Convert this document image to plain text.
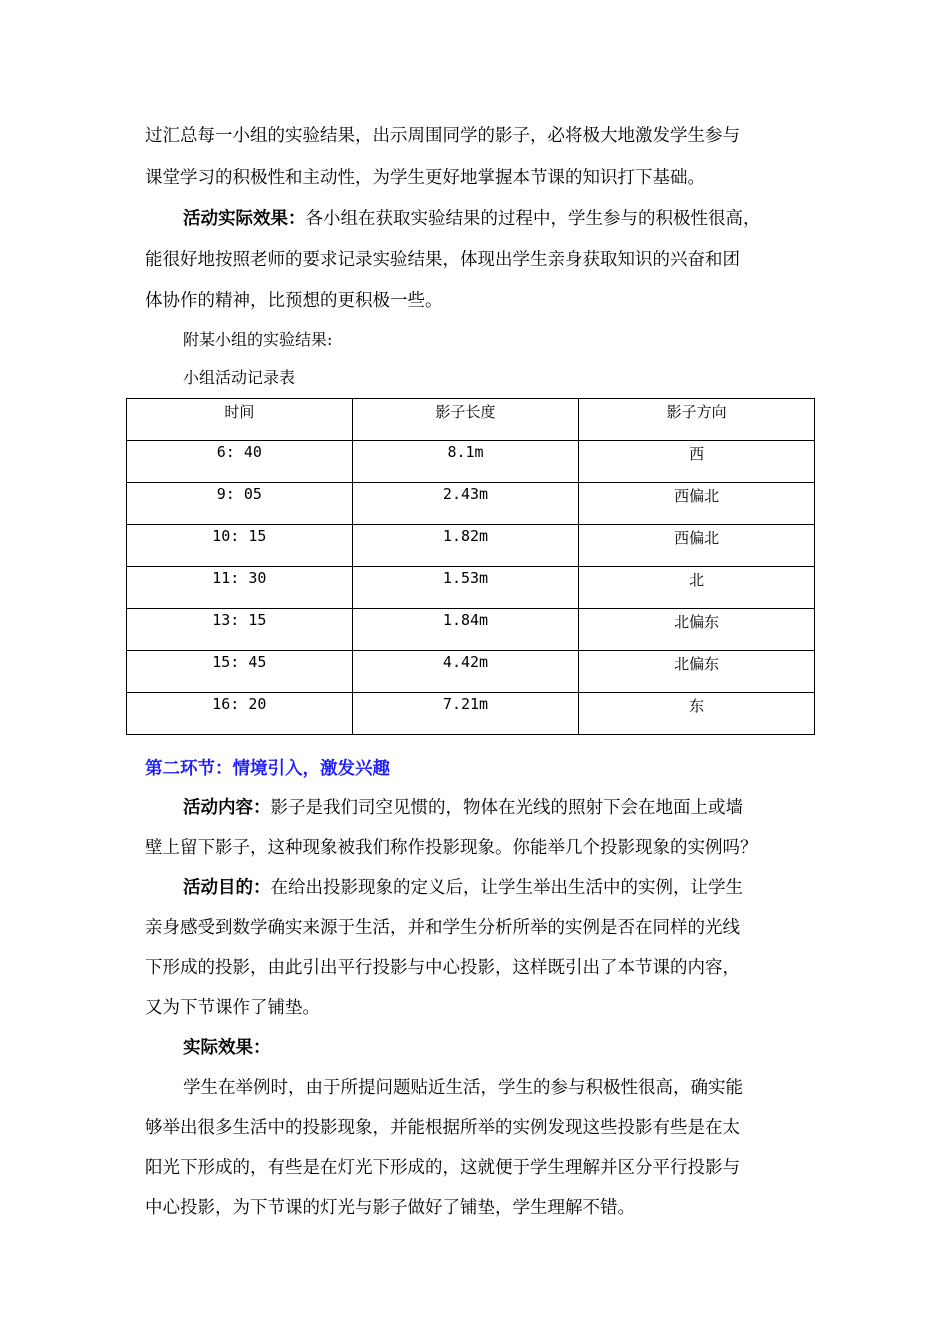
过汇总每一小组的实验结果，出示周围同学的影子，必将极大地激发学生参与
课堂学习的积极性和主动性，为学生更好地掌握本节课的知识打下基础。
活动实际效果：各小组在获取实验结果的过程中，学生参与的积极性很高，
能很好地按照老师的要求记录实验结果，体现出学生亲身获取知识的兴奋和团
体协作的精神，比预想的更积极一些。
附某小组的实验结果:
小组活动记录表
时间	影子长度	影子方向
6: 40	8.1m	西
9: 05	2.43m	西偏北
10: 15	1.82m	西偏北
11: 30	1.53m	北
13: 15	1.84m	北偏东
15: 45	4.42m	北偏东
16: 20	7.21m	东
第二环节：情境引入，激发兴趣
活动内容：影子是我们司空见惯的，物体在光线的照射下会在地面上或墙
壁上留下影子，这种现象被我们称作投影现象。你能举几个投影现象的实例吗？
活动目的：在给出投影现象的定义后，让学生举出生活中的实例，让学生
亲身感受到数学确实来源于生活，并和学生分析所举的实例是否在同样的光线
下形成的投影，由此引出平行投影与中心投影，这样既引出了本节课的内容，
又为下节课作了铺垫。
实际效果：
学生在举例时，由于所提问题贴近生活，学生的参与积极性很高，确实能
够举出很多生活中的投影现象，并能根据所举的实例发现这些投影有些是在太
阳光下形成的，有些是在灯光下形成的，这就便于学生理解并区分平行投影与
中心投影，为下节课的灯光与影子做好了铺垫，学生理解不错。
